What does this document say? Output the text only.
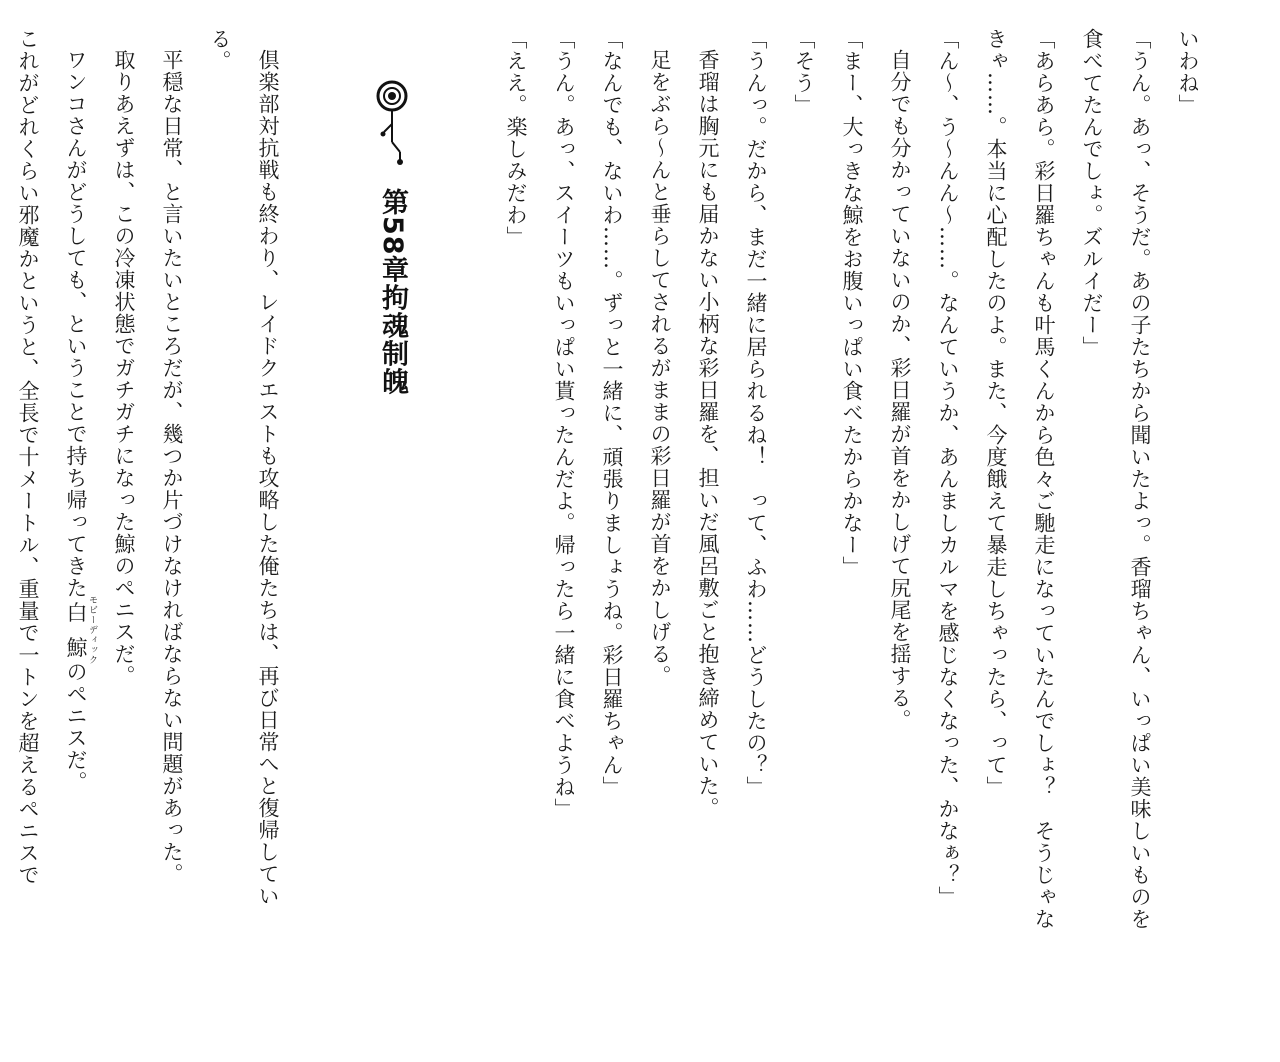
いわね」

「うん。あっ、そうだ。あの子たちから聞いたよっ。香瑠ちゃん、いっぱい美味しいものを

食べてたんでしょ。ズルイだー」

「あらあら。彩日羅ちゃんも叶馬くんから色々ご馳走になっていたんでしょ？　そうじゃな

きゃ……。本当に心配したのよ。また、今度餓えて暴走しちゃったら、って」

「ん～、う～んん～……。なんていうか、あんましカルマを感じなくなった、かなぁ？」

自分でも分かっていないのか、彩日羅が首をかしげて尻尾を揺する。

「まー、大っきな鯨をお腹いっぱい食べたからかなー」

「そう」

「うんっ。だから、まだ一緒に居られるね！　って、ふわ……どうしたの？」

香瑠は胸元にも届かない小柄な彩日羅を、担いだ風呂敷ごと抱き締めていた。

足をぶら～んと垂らしてされるがままの彩日羅が首をかしげる。

「なんでも、ないわ……。ずっと一緒に、頑張りましょうね。彩日羅ちゃん」

「うん。あっ、スイーツもいっぱい貰ったんだよ。帰ったら一緒に食べようね」

「ええ。楽しみだわ」

第58章拘魂制魄

倶楽部対抗戦も終わり、レイドクエストも攻略した俺たちは、再び日常へと復帰してい

る。

平穏な日常、と言いたいところだが、幾つか片づけなければならない問題があった。

取りあえずは、この冷凍状態でガチガチになった鯨のペニスだ。

ワンコさんがどうしても、ということで持ち帰ってきた白鯨 モビーディックのペニスだ。

これがどれくらい邪魔かというと、全長で十メートル、重量で一トンを超えるペニスで
